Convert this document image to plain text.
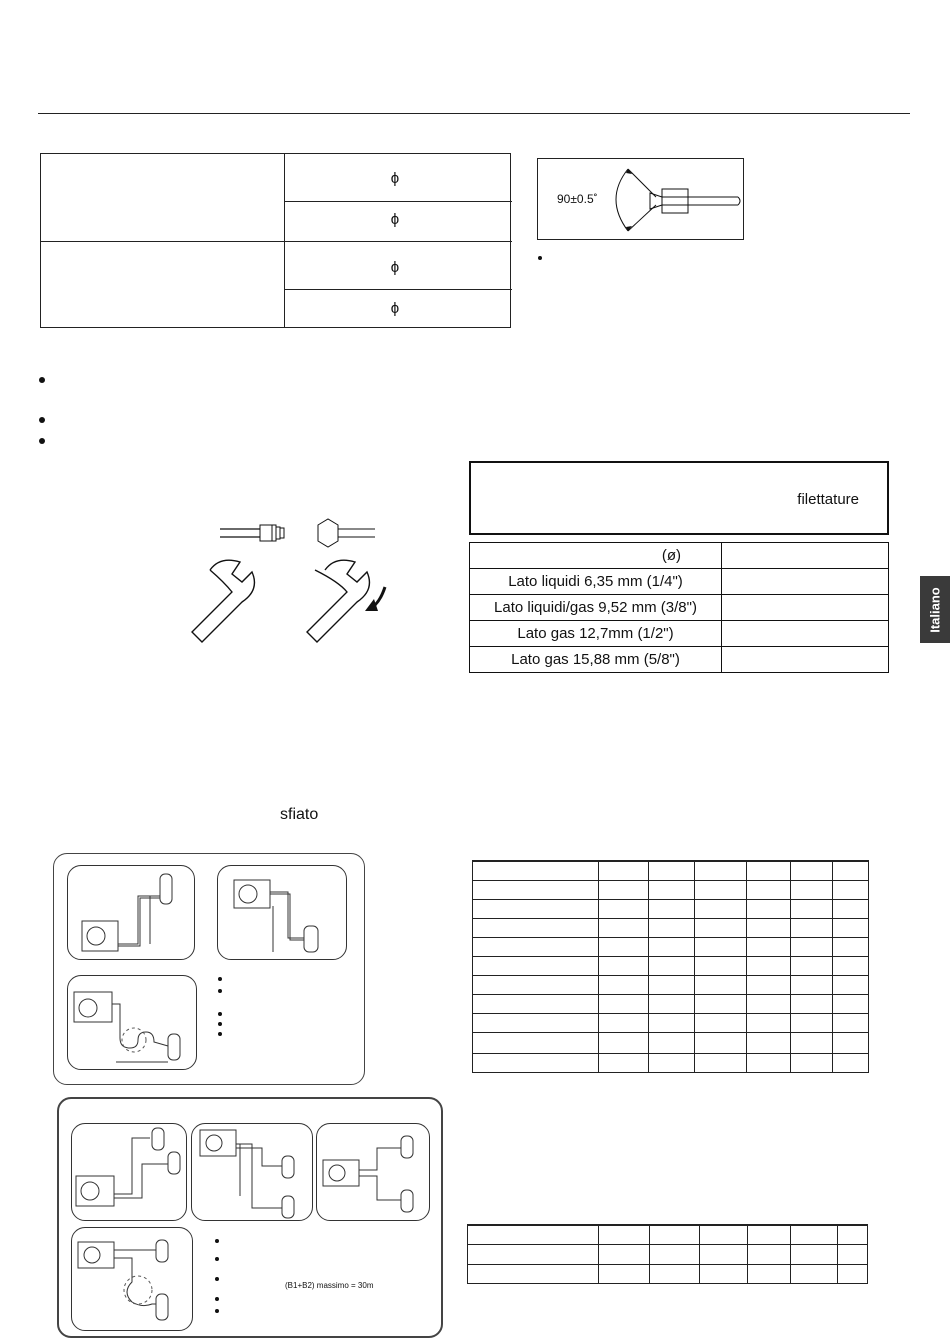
ϕ
ϕ
ϕ
ϕ
90±0.5˚
filettature
(ø)	
Lato liquidi 6,35 mm (1/4")	
Lato liquidi/gas 9,52 mm (3/8")	
Lato gas 12,7mm (1/2")	
Lato gas 15,88 mm (5/8")	
sfiato
Italiano
(B1+B2) massimo = 30m
